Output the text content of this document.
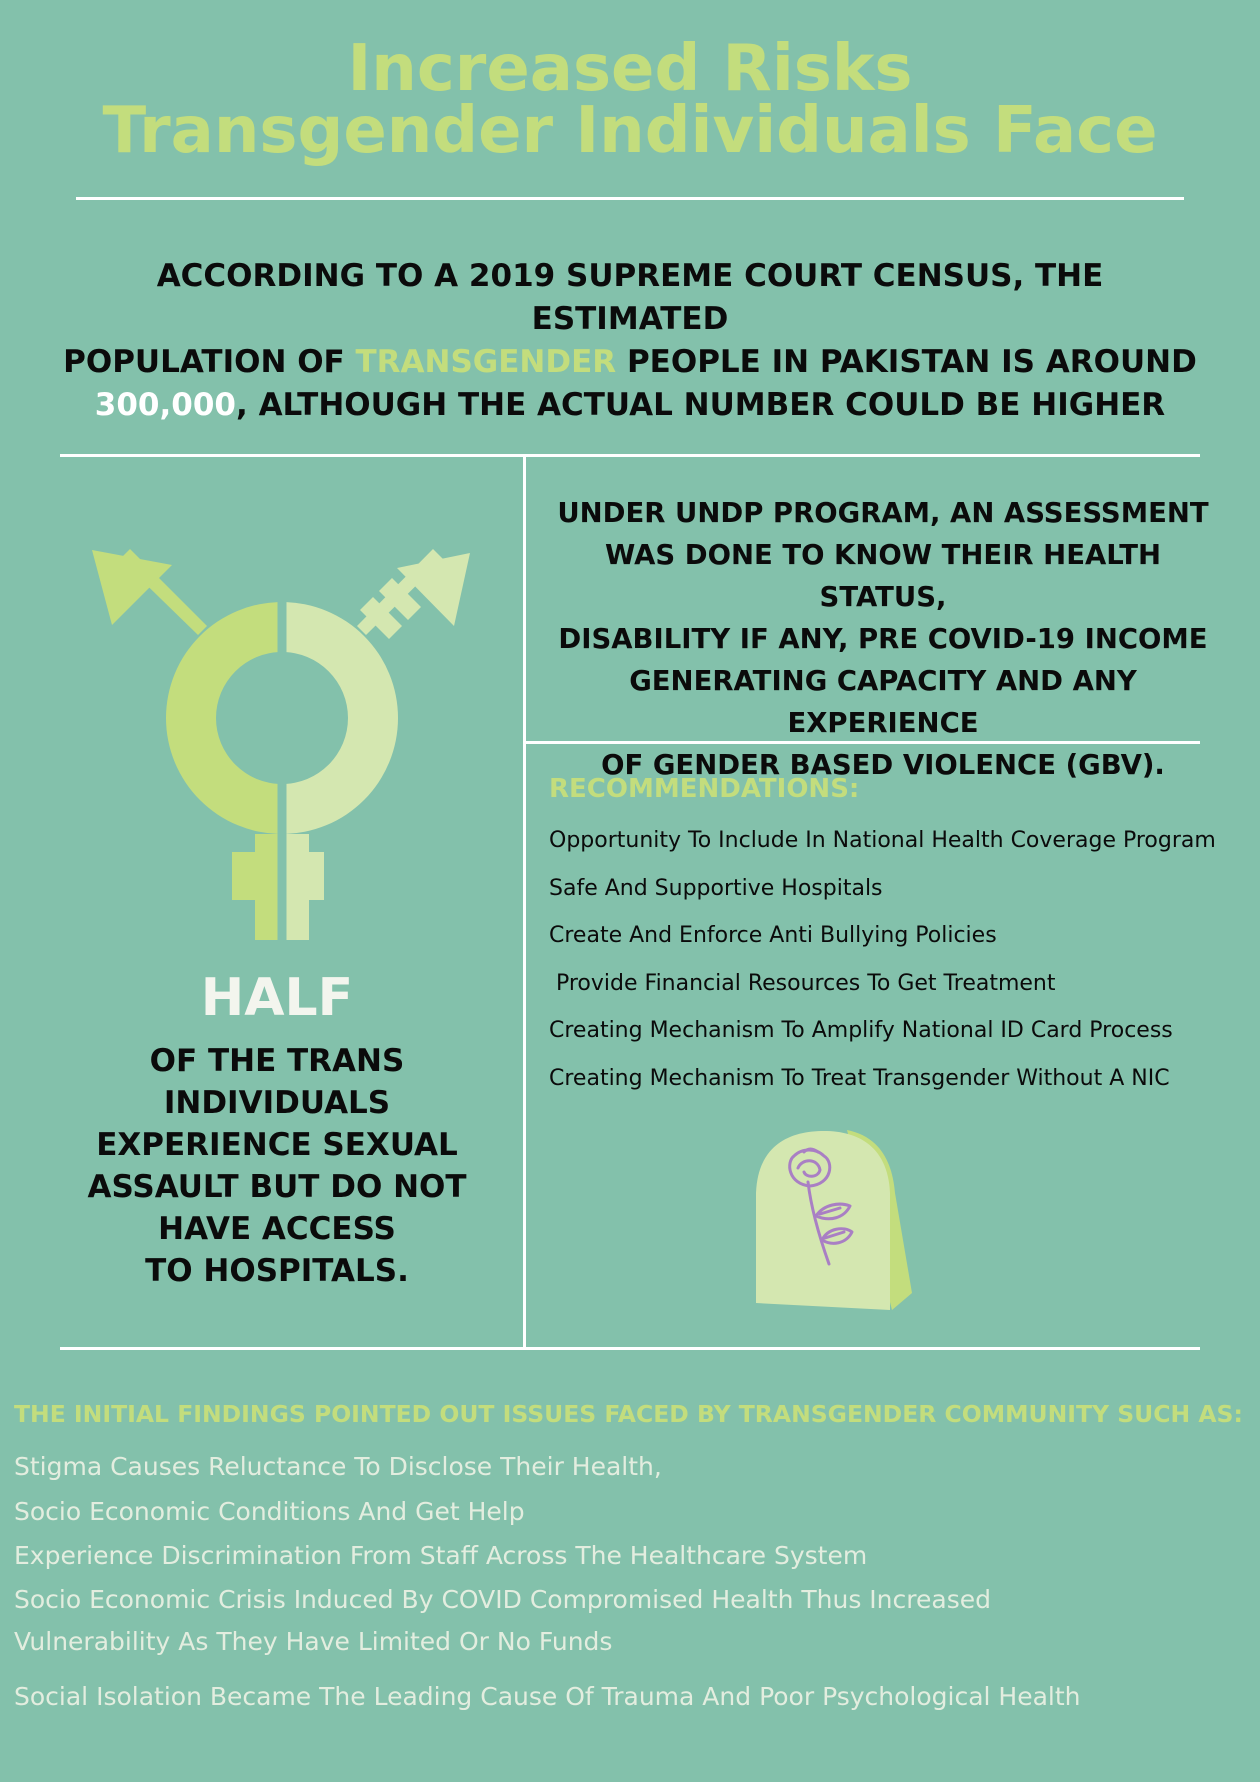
Increased Risks
Transgender Individuals Face
ACCORDING TO A 2019 SUPREME COURT CENSUS, THE ESTIMATED
POPULATION OF TRANSGENDER PEOPLE IN PAKISTAN IS AROUND
300,000, ALTHOUGH THE ACTUAL NUMBER COULD BE HIGHER
HALF
OF THE TRANS
INDIVIDUALS
EXPERIENCE SEXUAL
ASSAULT BUT DO NOT
HAVE ACCESS
TO HOSPITALS.
UNDER UNDP PROGRAM, AN ASSESSMENT
WAS DONE TO KNOW THEIR HEALTH STATUS,
DISABILITY IF ANY, PRE COVID-19 INCOME
GENERATING CAPACITY AND ANY EXPERIENCE
OF GENDER BASED VIOLENCE (GBV).
RECOMMENDATIONS:
Opportunity To Include In National Health Coverage Program
Safe And Supportive Hospitals
Create And Enforce Anti Bullying Policies
Provide Financial Resources To Get Treatment
Creating Mechanism To Amplify National ID Card Process
Creating Mechanism To Treat Transgender Without A NIC
THE INITIAL FINDINGS POINTED OUT ISSUES FACED BY TRANSGENDER COMMUNITY SUCH AS:
Stigma Causes Reluctance To Disclose Their Health,
Socio Economic Conditions And Get Help
Experience Discrimination From Staff Across The Healthcare System
Socio Economic Crisis Induced By COVID Compromised Health Thus Increased
Vulnerability As They Have Limited Or No Funds
Social Isolation Became The Leading Cause Of Trauma And Poor Psychological Health
